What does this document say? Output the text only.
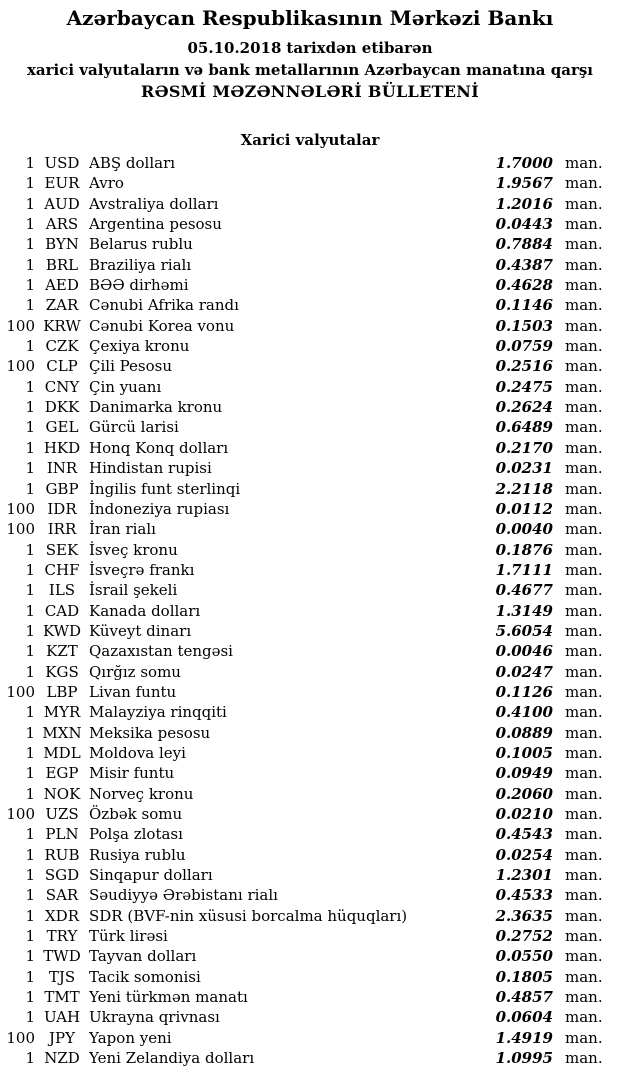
Azərbaycan Respublikasının Mərkəzi Bankı
05.10.2018 tarixdən etibarən
xarici valyutaların və bank metallarının Azərbaycan manatına qarşı
RƏSMİ MƏZƏNNƏLƏRİ BÜLLETENİ
Xarici valyutalar
1 USD ABŞ dolları	1.7000 man.
1 EUR Avro	1.9567 man.
1 AUD Avstraliya dolları	1.2016 man.
1 ARS Argentina pesosu	0.0443 man.
1 BYN Belarus rublu	0.7884 man.
1 BRL Braziliya rialı	0.4387 man.
1 AED BƏƏ dirhəmi	0.4628 man.
1 ZAR Cənubi Afrika randı	0.1146 man.
100 KRW Cənubi Korea vonu	0.1503 man.
1 CZK Çexiya kronu	0.0759 man.
100 CLP Çili Pesosu	0.2516 man.
1 CNY Çin yuanı	0.2475 man.
1 DKK Danimarka kronu	0.2624 man.
1 GEL Gürcü larisi	0.6489 man.
1 HKD Honq Konq dolları	0.2170 man.
1 INR Hindistan rupisi	0.0231 man.
1 GBP İngilis funt sterlinqi	2.2118 man.
100 IDR İndoneziya rupiası	0.0112 man.
100 IRR İran rialı	0.0040 man.
1 SEK İsveç kronu	0.1876 man.
1 CHF İsveçrə frankı	1.7111 man.
1 ILS İsrail şekeli	0.4677 man.
1 CAD Kanada dolları	1.3149 man.
1 KWD Küveyt dinarı	5.6054 man.
1 KZT Qazaxıstan tengəsi	0.0046 man.
1 KGS Qırğız somu	0.0247 man.
100 LBP Livan funtu	0.1126 man.
1 MYR Malayziya rinqqiti	0.4100 man.
1 MXN Meksika pesosu	0.0889 man.
1 MDL Moldova leyi	0.1005 man.
1 EGP Misir funtu	0.0949 man.
1 NOK Norveç kronu	0.2060 man.
100 UZS Özbək somu	0.0210 man.
1 PLN Polşa zlotası	0.4543 man.
1 RUB Rusiya rublu	0.0254 man.
1 SGD Sinqapur dolları	1.2301 man.
1 SAR Səudiyyə Ərəbistanı rialı	0.4533 man.
1 XDR SDR (BVF-nin xüsusi borcalma hüquqları)	2.3635 man.
1 TRY Türk lirəsi	0.2752 man.
1 TWD Tayvan dolları	0.0550 man.
1 TJS Tacik somonisi	0.1805 man.
1 TMT Yeni türkmən manatı	0.4857 man.
1 UAH Ukrayna qrivnası	0.0604 man.
100 JPY Yapon yeni	1.4919 man.
1 NZD Yeni Zelandiya dolları	1.0995 man.
